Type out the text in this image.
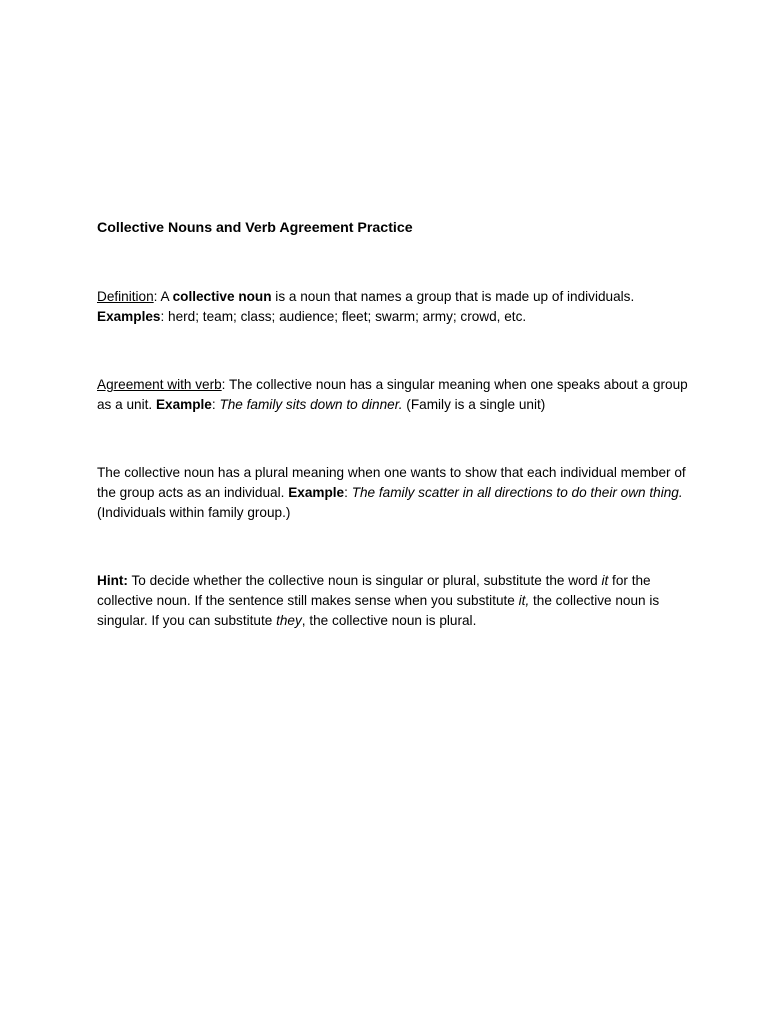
Collective Nouns and Verb Agreement Practice

Definition: A collective noun is a noun that names a group that is made up of individuals.
Examples: herd; team; class; audience; fleet; swarm; army; crowd, etc.

Agreement with verb: The collective noun has a singular meaning when one speaks about a group as a unit. Example: The family sits down to dinner. (Family is a single unit)

The collective noun has a plural meaning when one wants to show that each individual member of the group acts as an individual. Example: The family scatter in all directions to do their own thing. (Individuals within family group.)

Hint: To decide whether the collective noun is singular or plural, substitute the word it for the collective noun. If the sentence still makes sense when you substitute it, the collective noun is singular. If you can substitute they, the collective noun is plural.
